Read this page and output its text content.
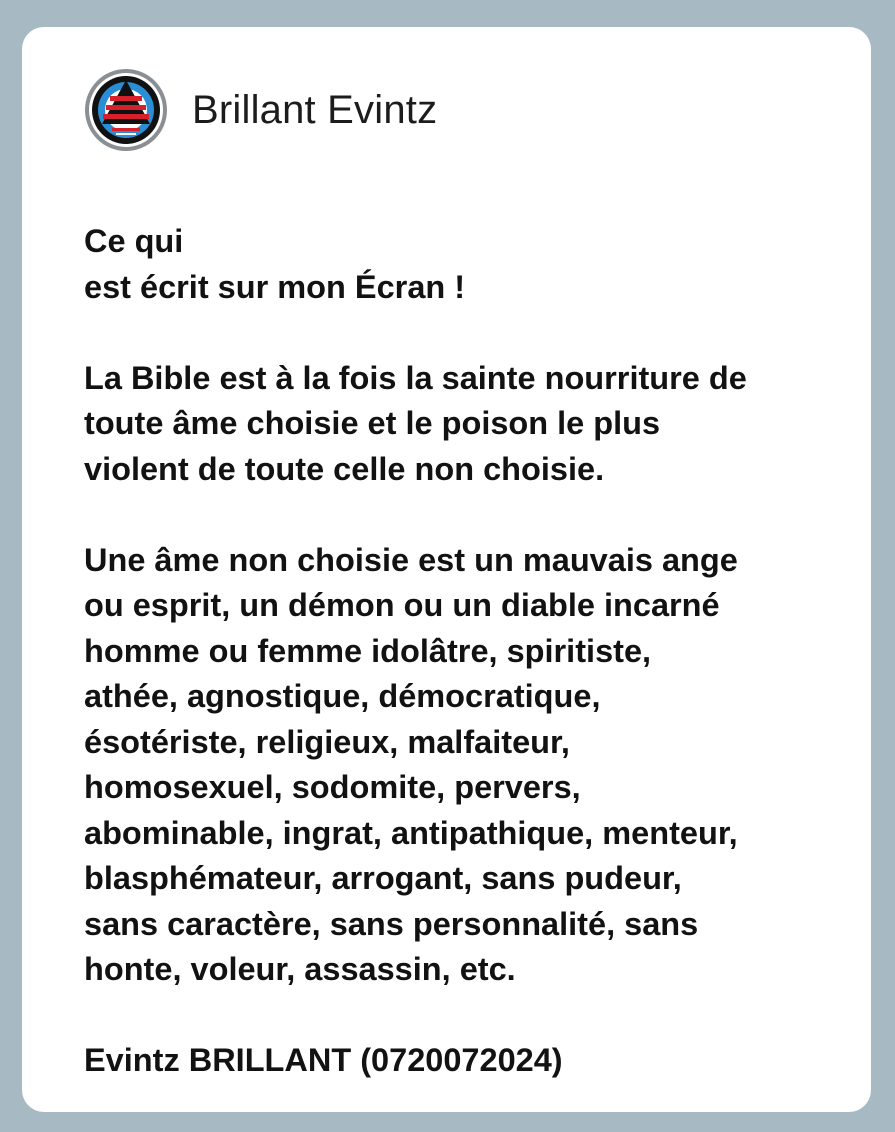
Brillant Evintz

Ce qui
est écrit sur mon Écran !

La Bible est à la fois la sainte nourriture de
toute âme choisie et le poison le plus
violent de toute celle non choisie.

Une âme non choisie est un mauvais ange
ou esprit, un démon ou un diable incarné
homme ou femme idolâtre, spiritiste,
athée, agnostique, démocratique,
ésotériste, religieux, malfaiteur,
homosexuel, sodomite, pervers,
abominable, ingrat, antipathique, menteur,
blasphémateur, arrogant, sans pudeur,
sans caractère, sans personnalité, sans
honte, voleur, assassin, etc.

Evintz BRILLANT (0720072024)
